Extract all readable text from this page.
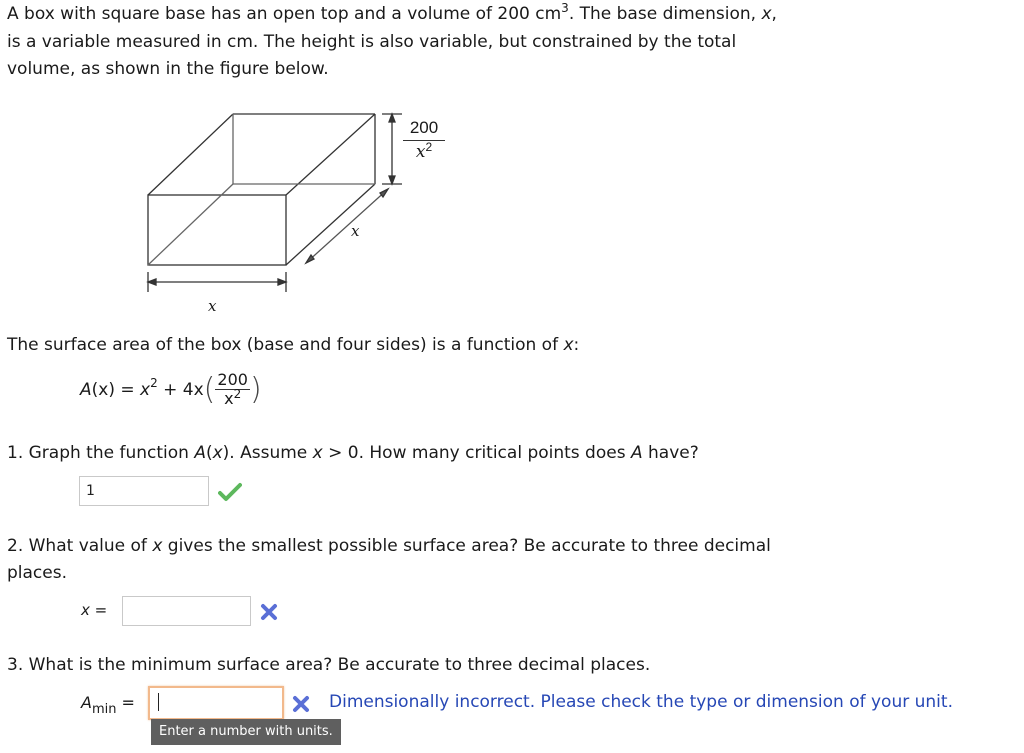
A box with square base has an open top and a volume of 200 $cm^3$. The base dimension, x,
is a variable measured in cm. The height is also variable, but constrained by the total
volume, as shown in the figure below.
$\frac{200}{x^2}$
x
x
The surface area of the box (base and four sides) is a function of x:
A (x) = x 2 + 4x ( $\frac{200}{x^2}$ )
1. Graph the function A(x). Assume x > 0. How many critical points does A have?
1
2. What value of x gives the smallest possible surface area? Be accurate to three decimal
places.
x =
3. What is the minimum surface area? Be accurate to three decimal places.
$A_{min}$ =	Dimensionally incorrect. Please check the type or dimension of your unit.
Enter a number with units.
